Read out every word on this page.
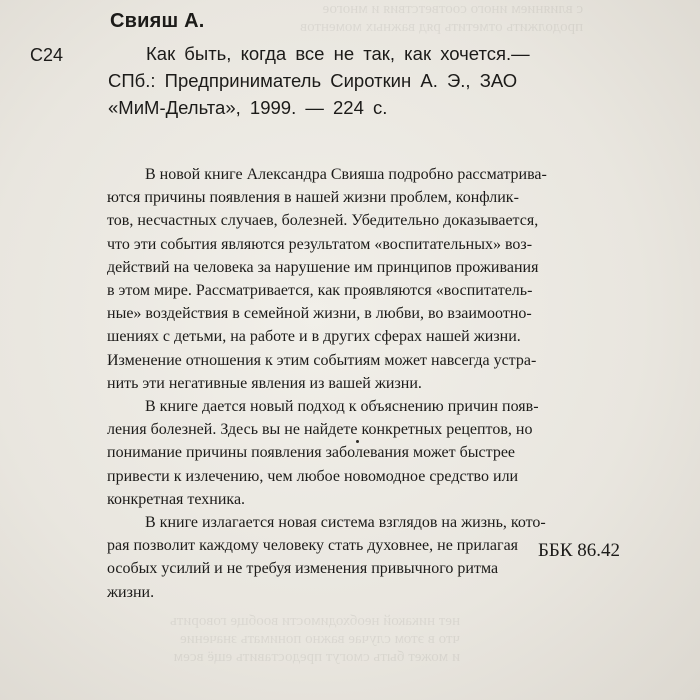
с влиянием иного соответствия и многое
продолжить отметить ряд важных моментов
нет никакой необходимости вообще говорить
что в этом случае важно понимать значение
и может быть смогут предоставить ещё всем
Свияш А.
С24	Как быть, когда все не так, как хочется.—
СПб.: Предприниматель Сироткин А. Э., ЗАО
«МиМ-Дельта», 1999. — 224 с.
В новой книге Александра Свияша подробно рассматрива-
ются причины появления в нашей жизни проблем, конфлик-
тов, несчастных случаев, болезней. Убедительно доказывается,
что эти события являются результатом «воспитательных» воз-
действий на человека за нарушение им принципов проживания
в этом мире. Рассматривается, как проявляются «воспитатель-
ные» воздействия в семейной жизни, в любви, во взаимоотно-
шениях с детьми, на работе и в других сферах нашей жизни.
Изменение отношения к этим событиям может навсегда устра-
нить эти негативные явления из вашей жизни.
В книге дается новый подход к объяснению причин появ-
ления болезней. Здесь вы не найдете конкретных рецептов, но
понимание причины появления заболевания может быстрее
привести к излечению, чем любое новомодное средство или
конкретная техника.
В книге излагается новая система взглядов на жизнь, кото-
рая позволит каждому человеку стать духовнее, не прилагая
особых усилий и не требуя изменения привычного ритма
жизни.
ББК 86.42
